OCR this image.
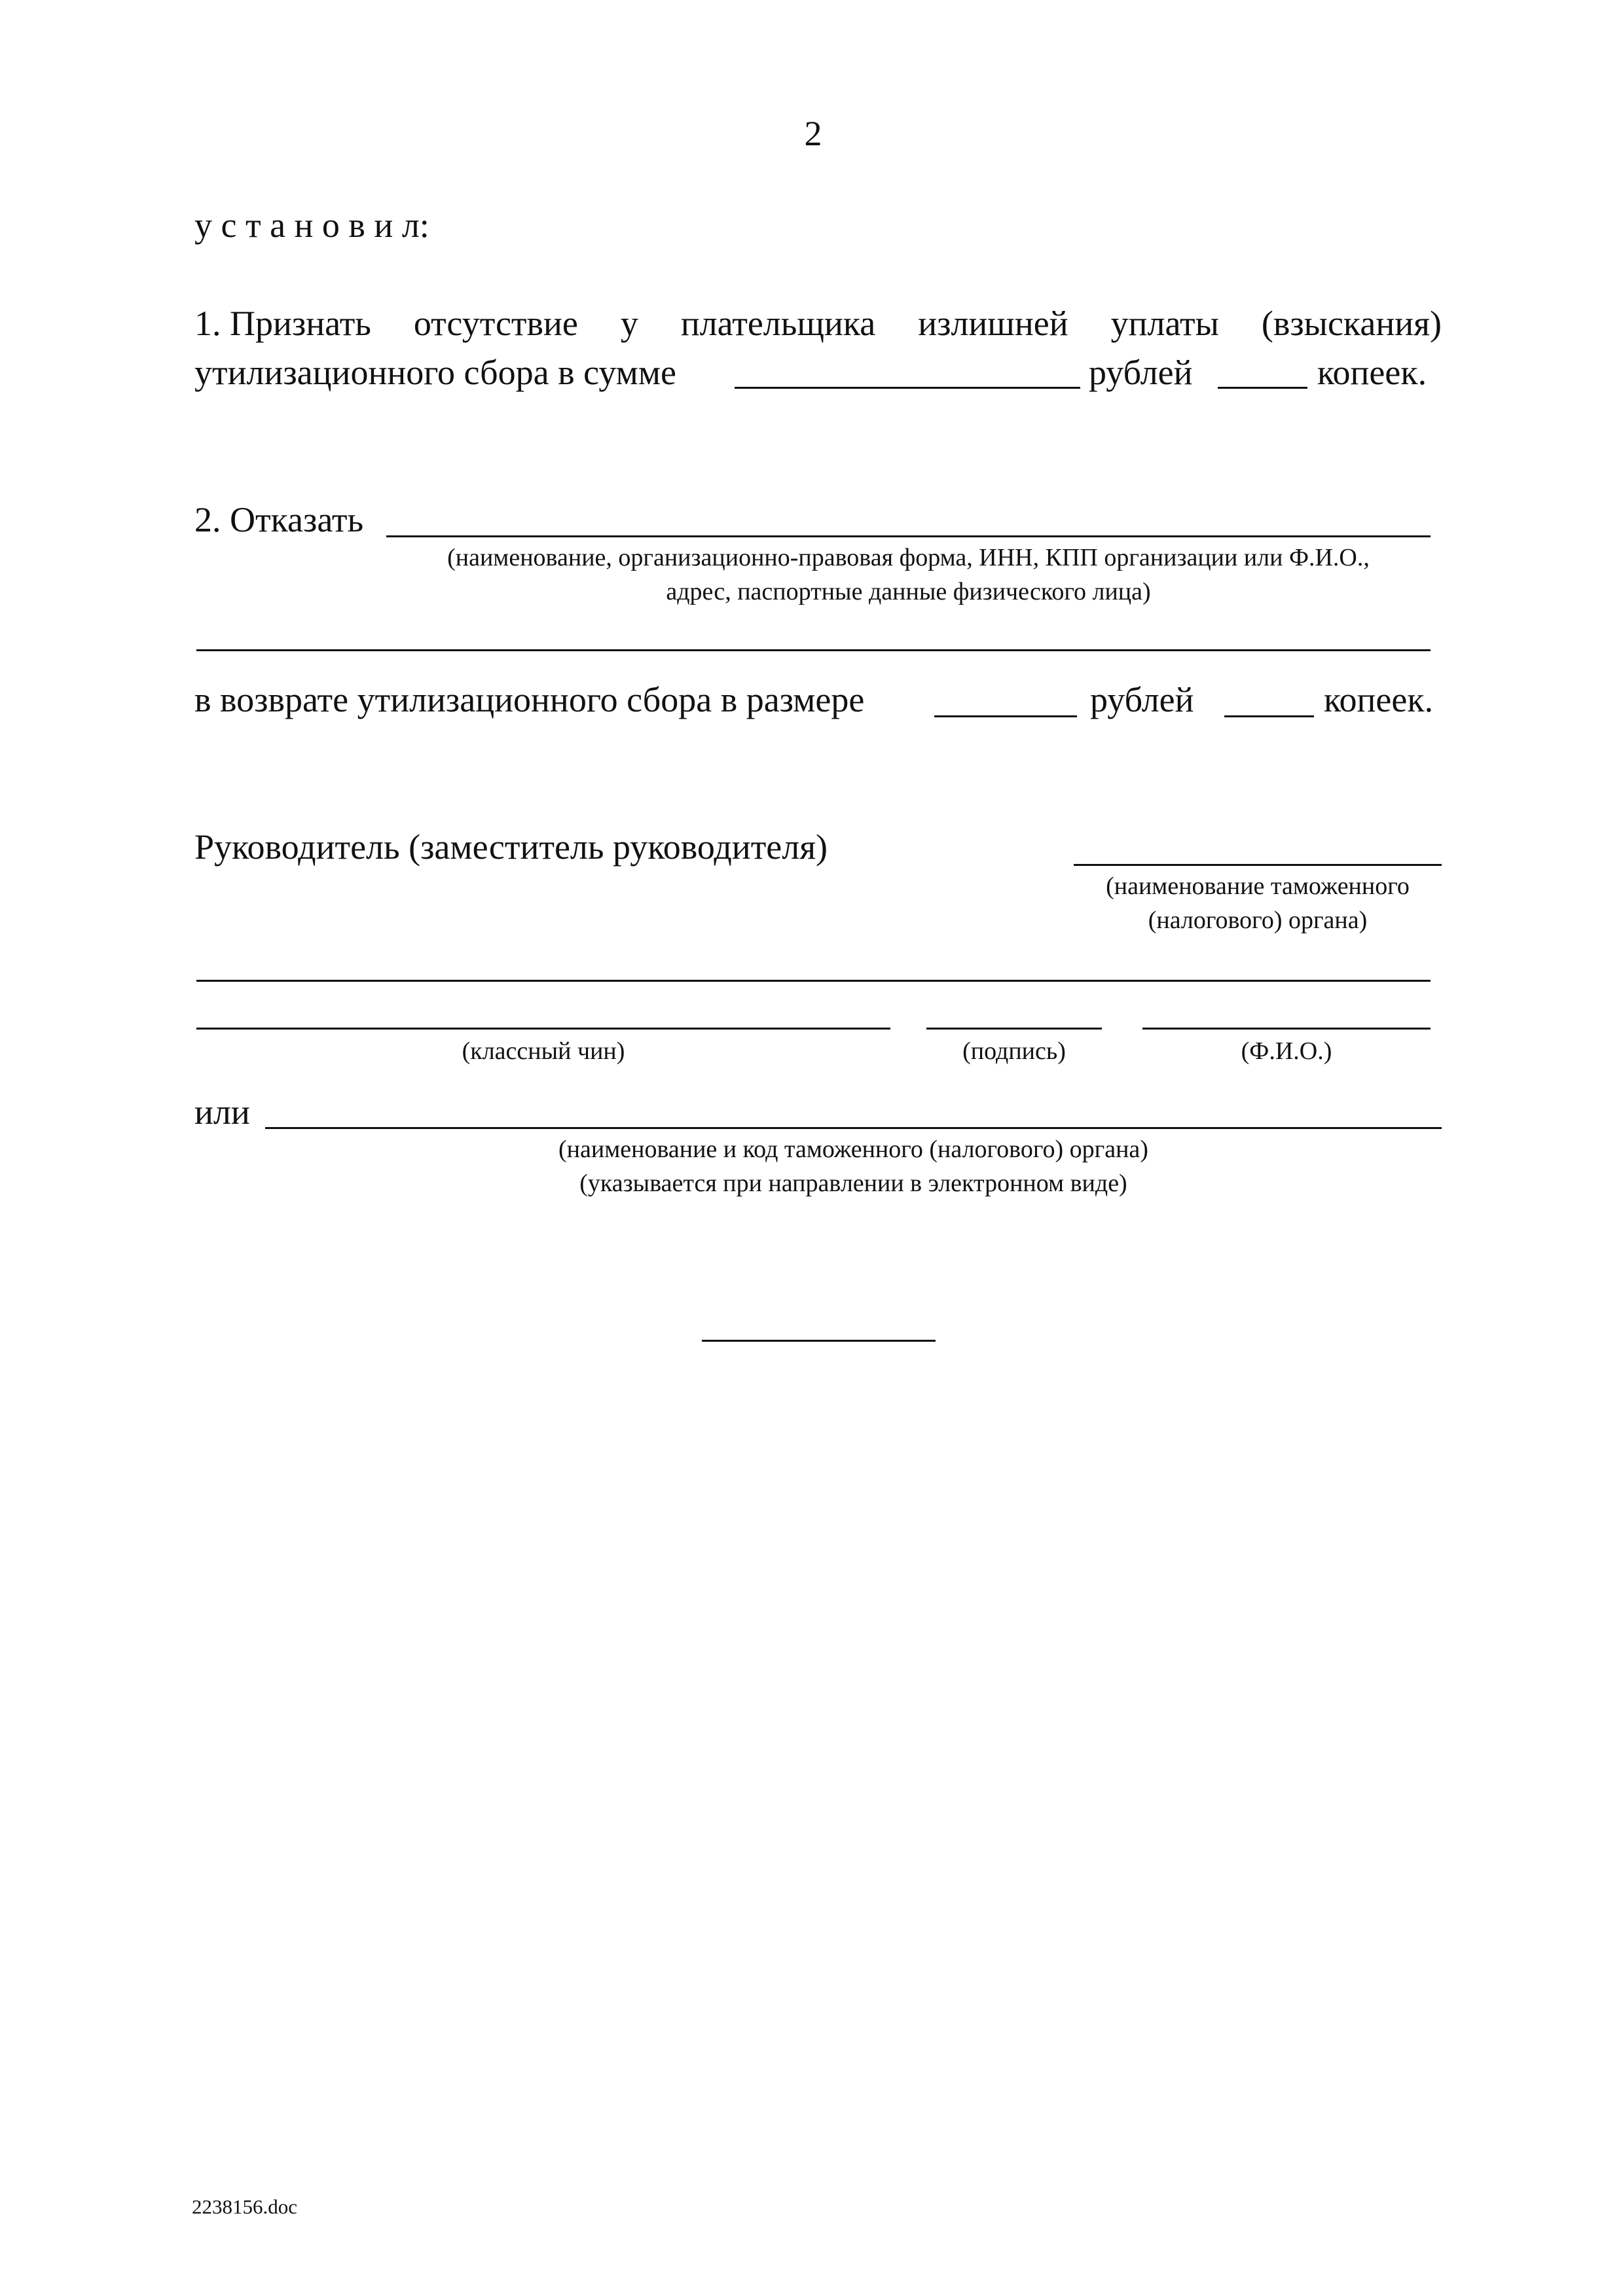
2
у с т а н о в и л:
1. Признать отсутствие у плательщика излишней уплаты (взыскания)
утилизационного сбора в сумме	рублей	копеек.
2. Отказать
(наименование, организационно-правовая форма, ИНН, КПП организации или Ф.И.О.,
адрес, паспортные данные физического лица)
в возврате утилизационного сбора в размере	рублей	копеек.
Руководитель (заместитель руководителя)
(наименование таможенного
(налогового) органа)
(классный чин)	(подпись)	(Ф.И.О.)
или
(наименование и код таможенного (налогового) органа)
(указывается при направлении в электронном виде)
2238156.doc
